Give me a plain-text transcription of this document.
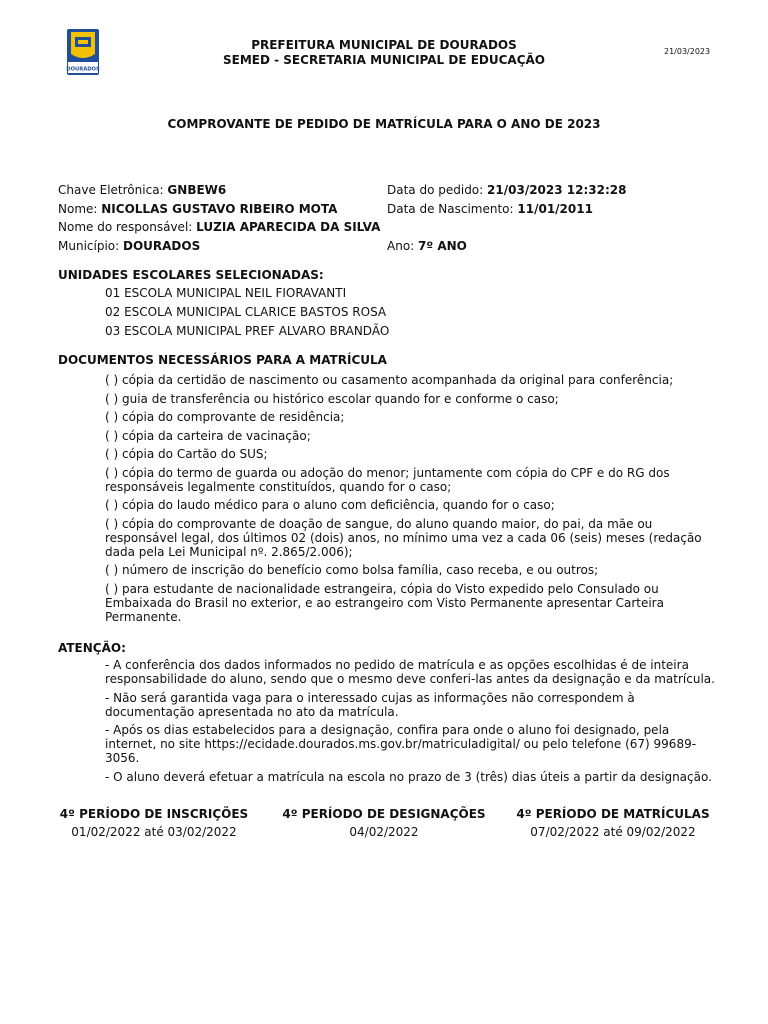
DOURADOS
PREFEITURA MUNICIPAL DE DOURADOS
SEMED - SECRETARIA MUNICIPAL DE EDUCAÇÃO
21/03/2023
COMPROVANTE DE PEDIDO DE MATRÍCULA PARA O ANO DE 2023
Chave Eletrônica: GNBEW6
Nome: NICOLLAS GUSTAVO RIBEIRO MOTA
Nome do responsável: LUZIA APARECIDA DA SILVA
Município: DOURADOS
Data do pedido: 21/03/2023 12:32:28
Data de Nascimento: 11/01/2011
Ano: 7º ANO
UNIDADES ESCOLARES SELECIONADAS:
01 ESCOLA MUNICIPAL NEIL FIORAVANTI
02 ESCOLA MUNICIPAL CLARICE BASTOS ROSA
03 ESCOLA MUNICIPAL PREF ALVARO BRANDÃO
DOCUMENTOS NECESSÁRIOS PARA A MATRÍCULA

( ) cópia da certidão de nascimento ou casamento acompanhada da original para conferência;

( ) guia de transferência ou histórico escolar quando for e conforme o caso;

( ) cópia do comprovante de residência;

( ) cópia da carteira de vacinação;

( ) cópia do Cartão do SUS;

( ) cópia do termo de guarda ou adoção do menor; juntamente com cópia do CPF e do RG dos responsáveis legalmente constituídos, quando for o caso;

( ) cópia do laudo médico para o aluno com deficiência, quando for o caso;

( ) cópia do comprovante de doação de sangue, do aluno quando maior, do pai, da mãe ou responsável legal, dos últimos 02 (dois) anos, no mínimo uma vez a cada 06 (seis) meses (redação dada pela Lei Municipal nº. 2.865/2.006);

( ) número de inscrição do benefício como bolsa família, caso receba, e ou outros;

( ) para estudante de nacionalidade estrangeira, cópia do Visto expedido pelo Consulado ou Embaixada do Brasil no exterior, e ao estrangeiro com Visto Permanente apresentar Carteira Permanente.

ATENÇÃO:

- A conferência dos dados informados no pedido de matrícula e as opções escolhidas é de inteira responsabilidade do aluno, sendo que o mesmo deve conferi-las antes da designação e da matrícula.

- Não será garantida vaga para o interessado cujas as informações não correspondem à documentação apresentada no ato da matrícula.

- Após os dias estabelecidos para a designação, confira para onde o aluno foi designado, pela internet, no site https://ecidade.dourados.ms.gov.br/matriculadigital/ ou pelo telefone (67) 99689-3056.

- O aluno deverá efetuar a matrícula na escola no prazo de 3 (três) dias úteis a partir da designação.

4º PERÍODO DE INSCRIÇÕES
01/02/2022 até 03/02/2022
4º PERÍODO DE DESIGNAÇÕES
04/02/2022
4º PERÍODO DE MATRÍCULAS
07/02/2022 até 09/02/2022
